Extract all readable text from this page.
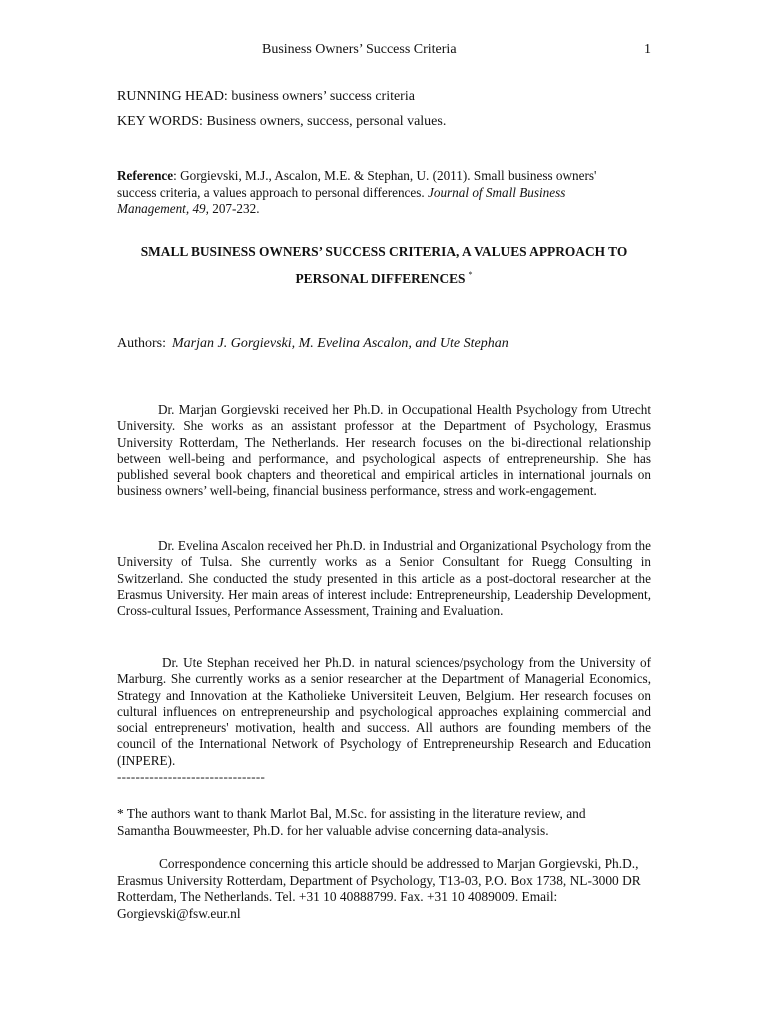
Business Owners’ Success Criteria	1
RUNNING HEAD: business owners’ success criteria
KEY WORDS: Business owners, success, personal values.
Reference: Gorgievski, M.J., Ascalon, M.E. & Stephan, U. (2011). Small business owners' success criteria, a values approach to personal differences. Journal of Small Business Management, 49, 207-232.
SMALL BUSINESS OWNERS’ SUCCESS CRITERIA, A VALUES APPROACH TO
PERSONAL DIFFERENCES *
Authors: Marjan J. Gorgievski, M. Evelina Ascalon, and Ute Stephan

Dr. Marjan Gorgievski received her Ph.D. in Occupational Health Psychology from Utrecht University. She works as an assistant professor at the Department of Psychology, Erasmus University Rotterdam, The Netherlands. Her research focuses on the bi-directional relationship between well-being and performance, and psychological aspects of entrepreneurship. She has published several book chapters and theoretical and empirical articles in international journals on business owners’ well-being, financial business performance, stress and work-engagement.

Dr. Evelina Ascalon received her Ph.D. in Industrial and Organizational Psychology from the University of Tulsa. She currently works as a Senior Consultant for Ruegg Consulting in Switzerland. She conducted the study presented in this article as a post-doctoral researcher at the Erasmus University. Her main areas of interest include: Entrepreneurship, Leadership Development, Cross-cultural Issues, Performance Assessment, Training and Evaluation.

Dr. Ute Stephan received her Ph.D. in natural sciences/psychology from the University of Marburg. She currently works as a senior researcher at the Department of Managerial Economics, Strategy and Innovation at the Katholieke Universiteit Leuven, Belgium. Her research focuses on cultural influences on entrepreneurship and psychological approaches explaining commercial and social entrepreneurs' motivation, health and success. All authors are founding members of the council of the International Network of Psychology of Entrepreneurship Research and Education (INPERE).

--------------------------------
* The authors want to thank Marlot Bal, M.Sc. for assisting in the literature review, and Samantha Bouwmeester, Ph.D. for her valuable advise concerning data-analysis.

Correspondence concerning this article should be addressed to Marjan Gorgievski, Ph.D., Erasmus University Rotterdam, Department of Psychology, T13-03, P.O. Box 1738, NL-3000 DR Rotterdam, The Netherlands. Tel. +31 10 40888799. Fax. +31 10 4089009. Email: Gorgievski@fsw.eur.nl
